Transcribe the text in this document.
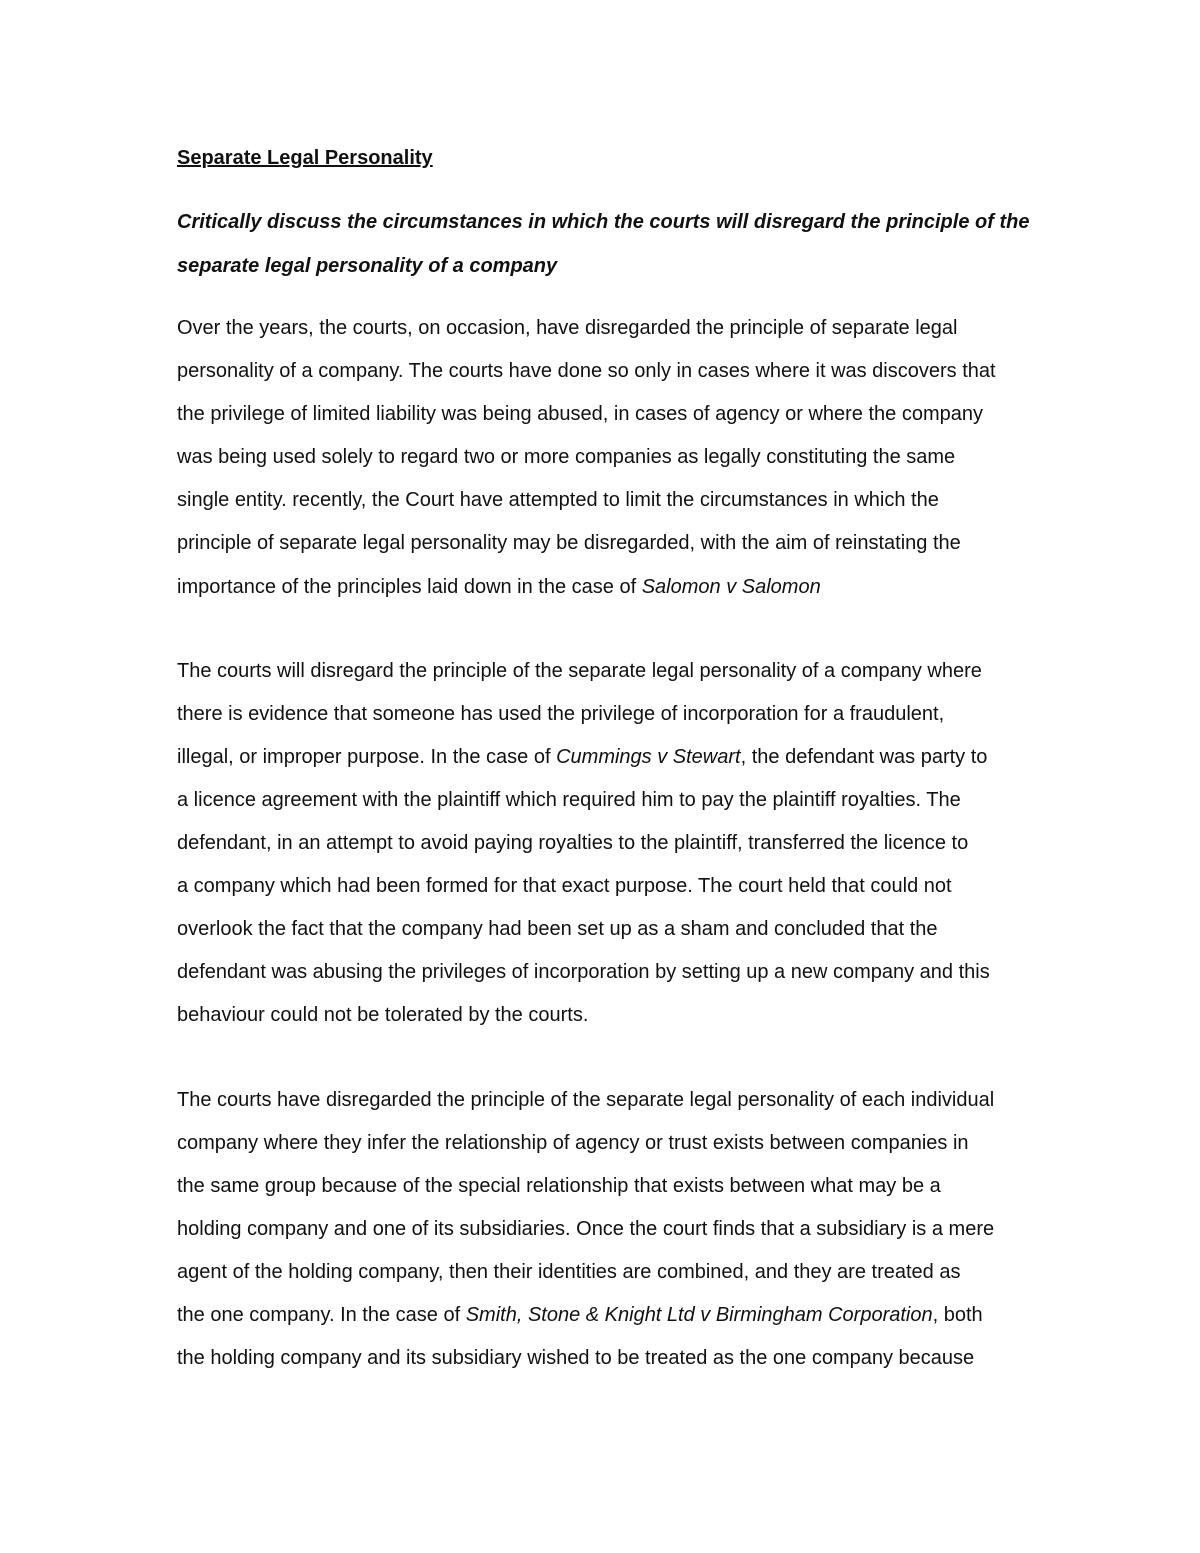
Separate Legal Personality
Critically discuss the circumstances in which the courts will disregard the principle of the
separate legal personality of a company
Over the years, the courts, on occasion, have disregarded the principle of separate legal
personality of a company. The courts have done so only in cases where it was discovers that
the privilege of limited liability was being abused, in cases of agency or where the company
was being used solely to regard two or more companies as legally constituting the same
single entity. recently, the Court have attempted to limit the circumstances in which the
principle of separate legal personality may be disregarded, with the aim of reinstating the
importance of the principles laid down in the case of Salomon v Salomon
The courts will disregard the principle of the separate legal personality of a company where
there is evidence that someone has used the privilege of incorporation for a fraudulent,
illegal, or improper purpose. In the case of Cummings v Stewart, the defendant was party to
a licence agreement with the plaintiff which required him to pay the plaintiff royalties. The
defendant, in an attempt to avoid paying royalties to the plaintiff, transferred the licence to
a company which had been formed for that exact purpose. The court held that could not
overlook the fact that the company had been set up as a sham and concluded that the
defendant was abusing the privileges of incorporation by setting up a new company and this
behaviour could not be tolerated by the courts.
The courts have disregarded the principle of the separate legal personality of each individual
company where they infer the relationship of agency or trust exists between companies in
the same group because of the special relationship that exists between what may be a
holding company and one of its subsidiaries. Once the court finds that a subsidiary is a mere
agent of the holding company, then their identities are combined, and they are treated as
the one company. In the case of Smith, Stone & Knight Ltd v Birmingham Corporation, both
the holding company and its subsidiary wished to be treated as the one company because
